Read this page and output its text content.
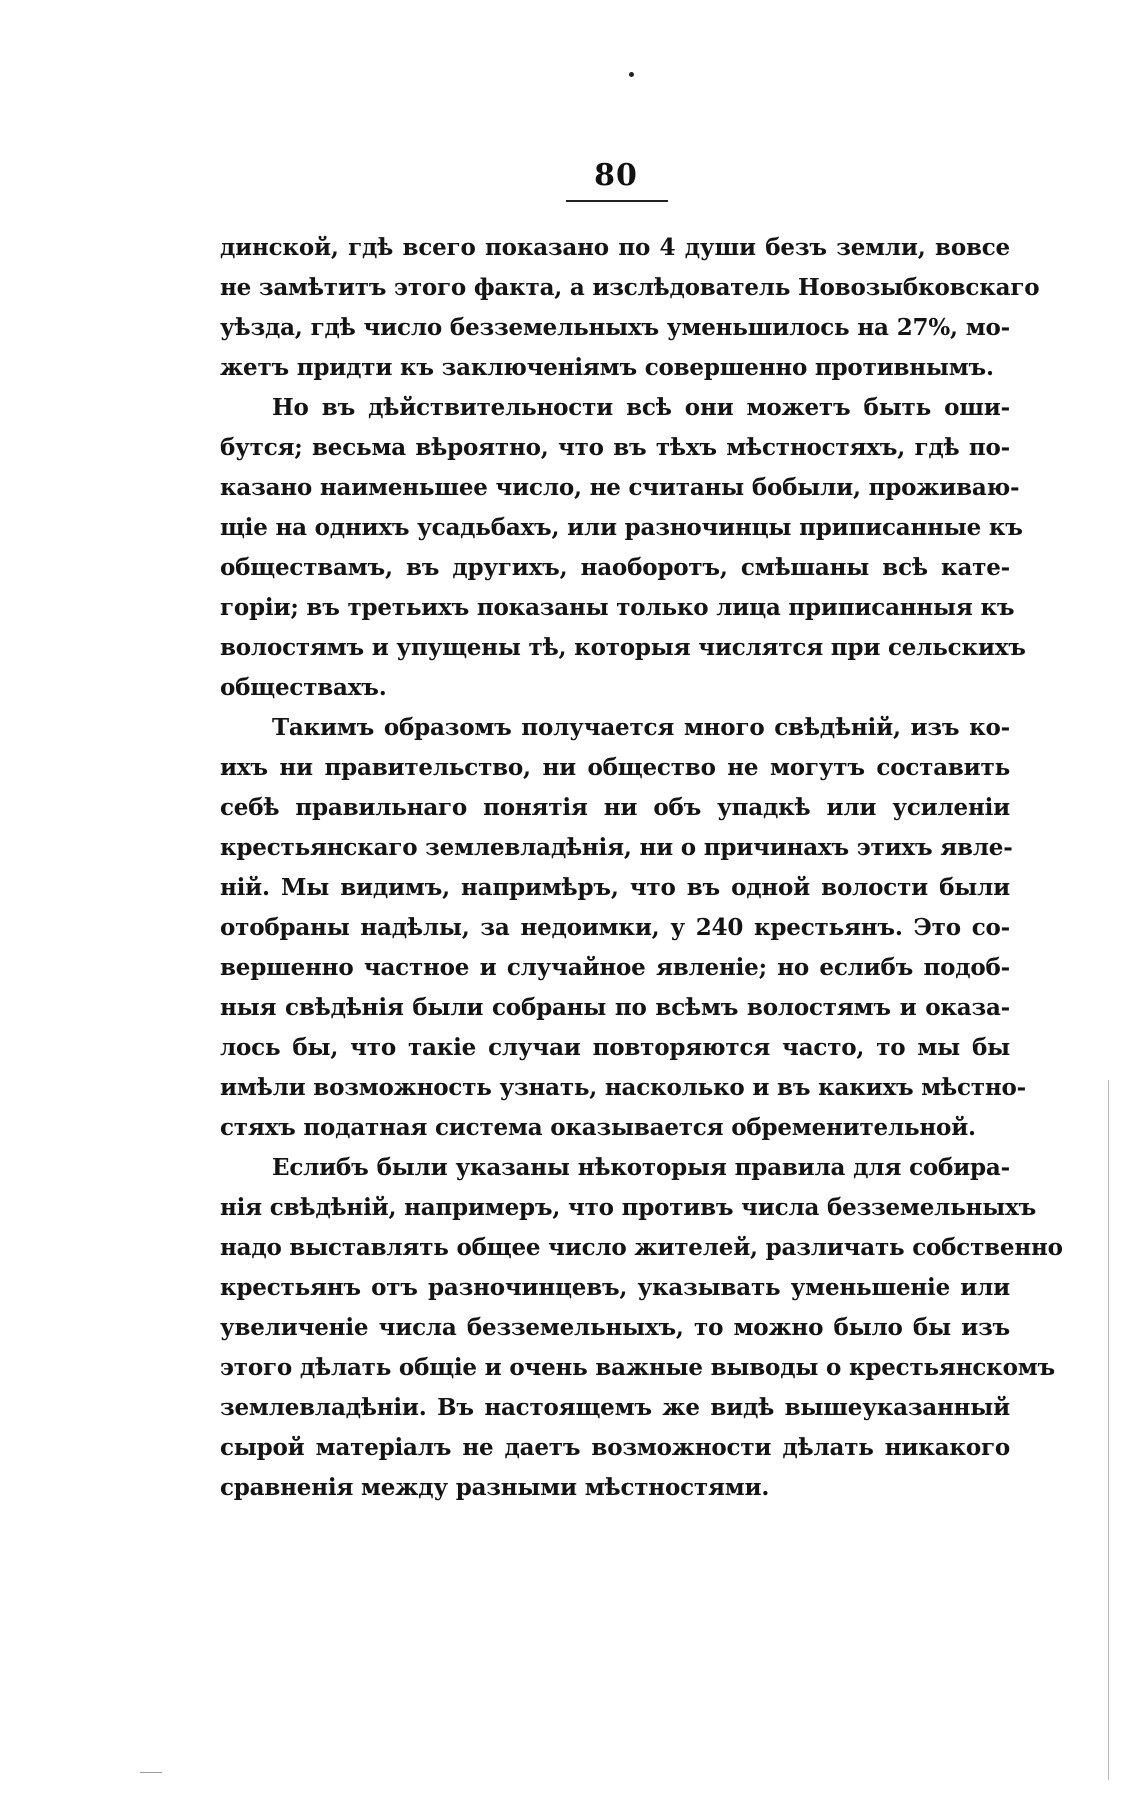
80
динской, гдѣ всего показано по 4 души безъ земли, вовсе
не замѣтитъ этого факта, а изслѣдователь Новозыбковскаго
уѣзда, гдѣ число безземельныхъ уменьшилось на 27%, мо-
жетъ придти къ заключеніямъ совершенно противнымъ.
Но въ дѣйствительности всѣ они можетъ быть оши-
бутся; весьма вѣроятно, что въ тѣхъ мѣстностяхъ, гдѣ по-
казано наименьшее число, не считаны бобыли, проживаю-
щіе на однихъ усадьбахъ, или разночинцы приписанные къ
обществамъ, въ другихъ, наоборотъ, смѣшаны всѣ кате-
горіи; въ третьихъ показаны только лица приписанныя къ
волостямъ и упущены тѣ, которыя числятся при сельскихъ
обществахъ.
Такимъ образомъ получается много свѣдѣній, изъ ко-
ихъ ни правительство, ни общество не могутъ составить
себѣ правильнаго понятія ни объ упадкѣ или усиленіи
крестьянскаго землевладѣнія, ни о причинахъ этихъ явле-
ній. Мы видимъ, напримѣръ, что въ одной волости были
отобраны надѣлы, за недоимки, у 240 крестьянъ. Это со-
вершенно частное и случайное явленіе; но еслибъ подоб-
ныя свѣдѣнія были собраны по всѣмъ волостямъ и оказа-
лось бы, что такіе случаи повторяются часто, то мы бы
имѣли возможность узнать, насколько и въ какихъ мѣстно-
стяхъ податная система оказывается обременительной.
Еслибъ были указаны нѣкоторыя правила для собира-
нія свѣдѣній, напримеръ, что противъ числа безземельныхъ
надо выставлять общее число жителей, различать собственно
крестьянъ отъ разночинцевъ, указывать уменьшеніе или
увеличеніе числа безземельныхъ, то можно было бы изъ
этого дѣлать общіе и очень важные выводы о крестьянскомъ
землевладѣніи. Въ настоящемъ же видѣ вышеуказанный
сырой матеріалъ не даетъ возможности дѣлать никакого
сравненія между разными мѣстностями.
